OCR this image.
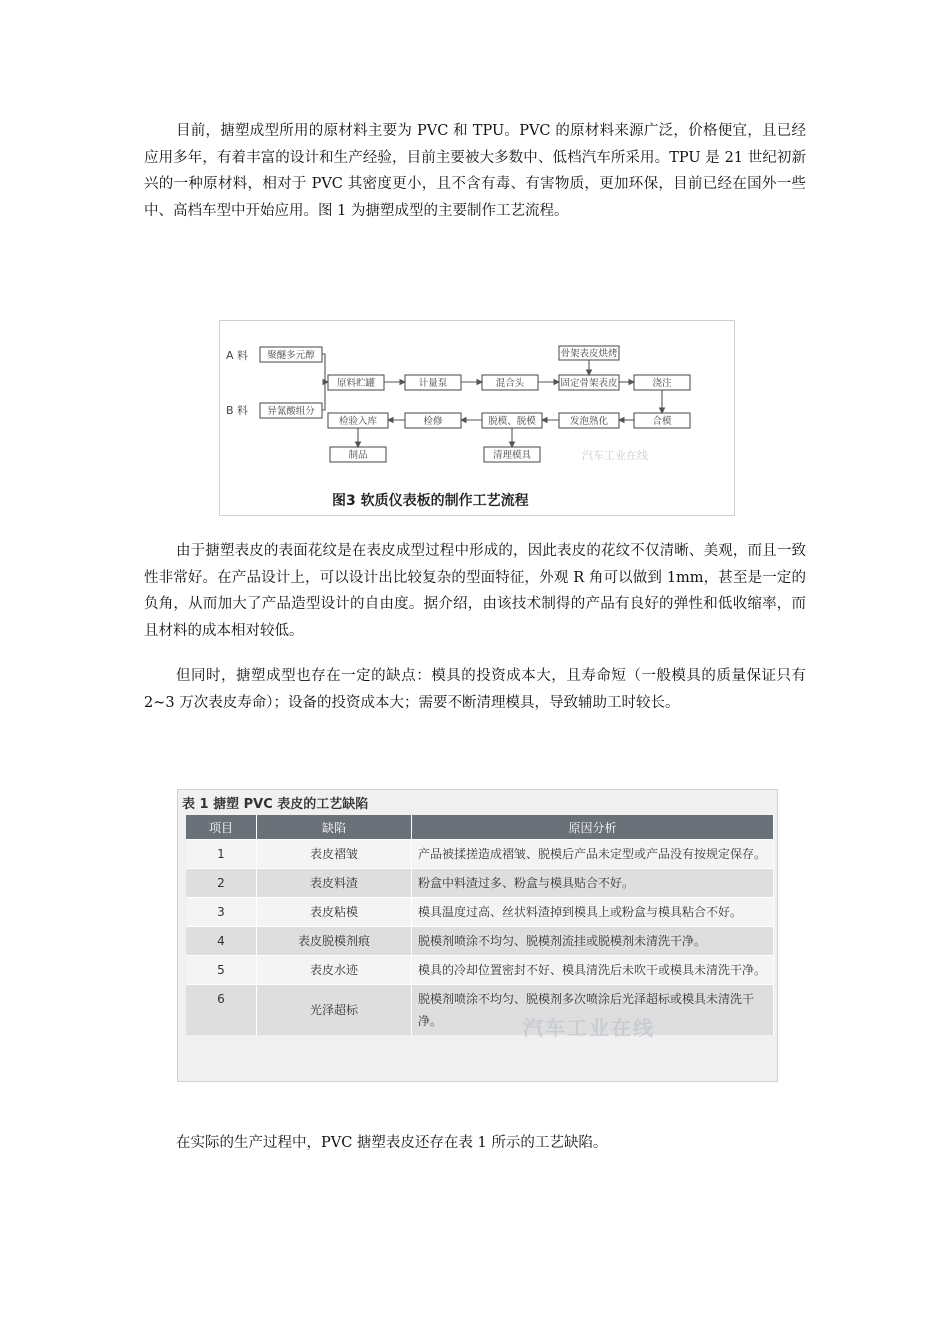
目前，搪塑成型所用的原材料主要为 PVC 和 TPU。PVC 的原材料来源广泛，价格便宜，且已经应用多年，有着丰富的设计和生产经验，目前主要被大多数中、低档汽车所采用。TPU 是 21 世纪初新兴的一种原材料，相对于 PVC 其密度更小，且不含有毒、有害物质，更加环保，目前已经在国外一些中、高档车型中开始应用。图 1 为搪塑成型的主要制作工艺流程。

A 料
B 料
聚醚多元醇
异氰酸组分
原料贮罐	计量泵	混合头
骨架表皮烘烤
固定骨架表皮	浇注
合模
发泡熟化
脱模、脱模
检修
检验入库
制品	清理模具	汽车工业在线
图3 软质仪表板的制作工艺流程

由于搪塑表皮的表面花纹是在表皮成型过程中形成的，因此表皮的花纹不仅清晰、美观，而且一致性非常好。在产品设计上，可以设计出比较复杂的型面特征，外观 R 角可以做到 1mm，甚至是一定的负角，从而加大了产品造型设计的自由度。据介绍，由该技术制得的产品有良好的弹性和低收缩率，而且材料的成本相对较低。

但同时，搪塑成型也存在一定的缺点：模具的投资成本大，且寿命短（一般模具的质量保证只有 2~3 万次表皮寿命）；设备的投资成本大；需要不断清理模具，导致辅助工时较长。

表 1 搪塑 PVC 表皮的工艺缺陷
项目	缺陷	原因分析
1	表皮褶皱	产品被揉搓造成褶皱、脱模后产品未定型或产品没有按规定保存。
2	表皮料渣	粉盒中料渣过多、粉盒与模具贴合不好。
3	表皮粘模	模具温度过高、丝状料渣掉到模具上或粉盒与模具粘合不好。
4	表皮脱模剂痕	脱模剂喷涂不均匀、脱模剂流挂或脱模剂未清洗干净。
5	表皮水迹	模具的冷却位置密封不好、模具清洗后未吹干或模具未清洗干净。
6	光泽超标	脱模剂喷涂不均匀、脱模剂多次喷涂后光泽超标或模具未清洗干净。	汽车工业在线

在实际的生产过程中，PVC 搪塑表皮还存在表 1 所示的工艺缺陷。
